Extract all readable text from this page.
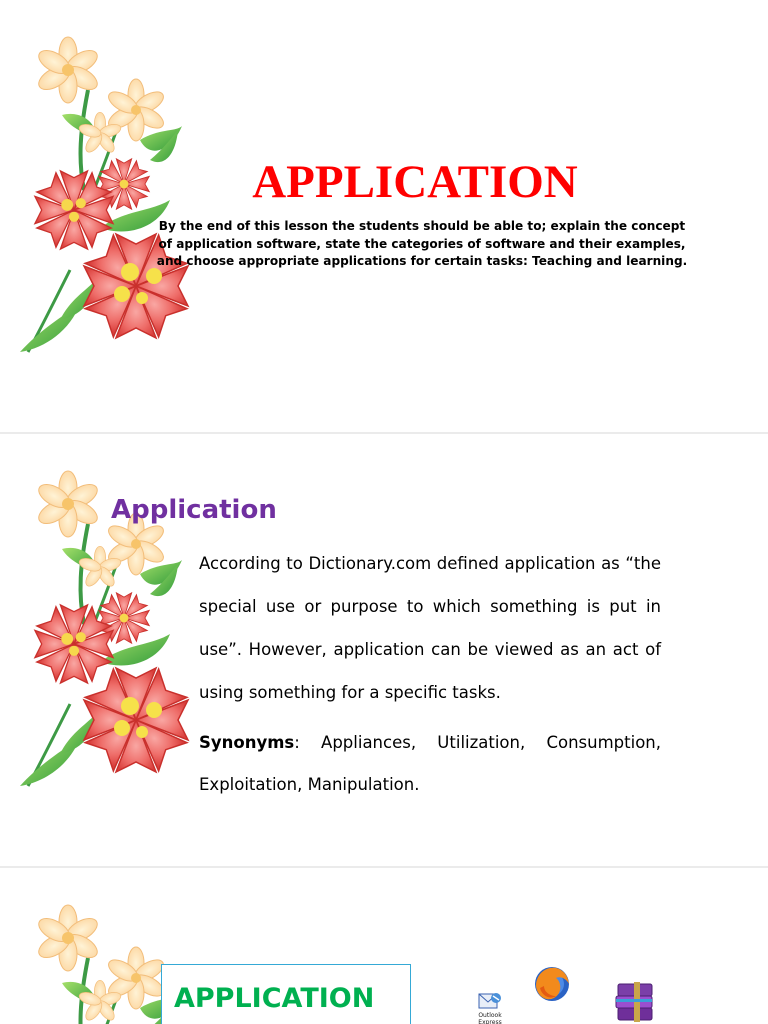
APPLICATION
By the end of this lesson the students should be able to; explain the concept of application software, state the categories of software and their examples, and choose appropriate applications for certain tasks: Teaching and learning.
Application

According to Dictionary.com defined application as “the special use or purpose to which something is put in use”. However, application can be viewed as an act of using something for a specific tasks.

Synonyms: Appliances, Utilization, Consumption, Exploitation, Manipulation.

APPLICATION
Outlook
Express
